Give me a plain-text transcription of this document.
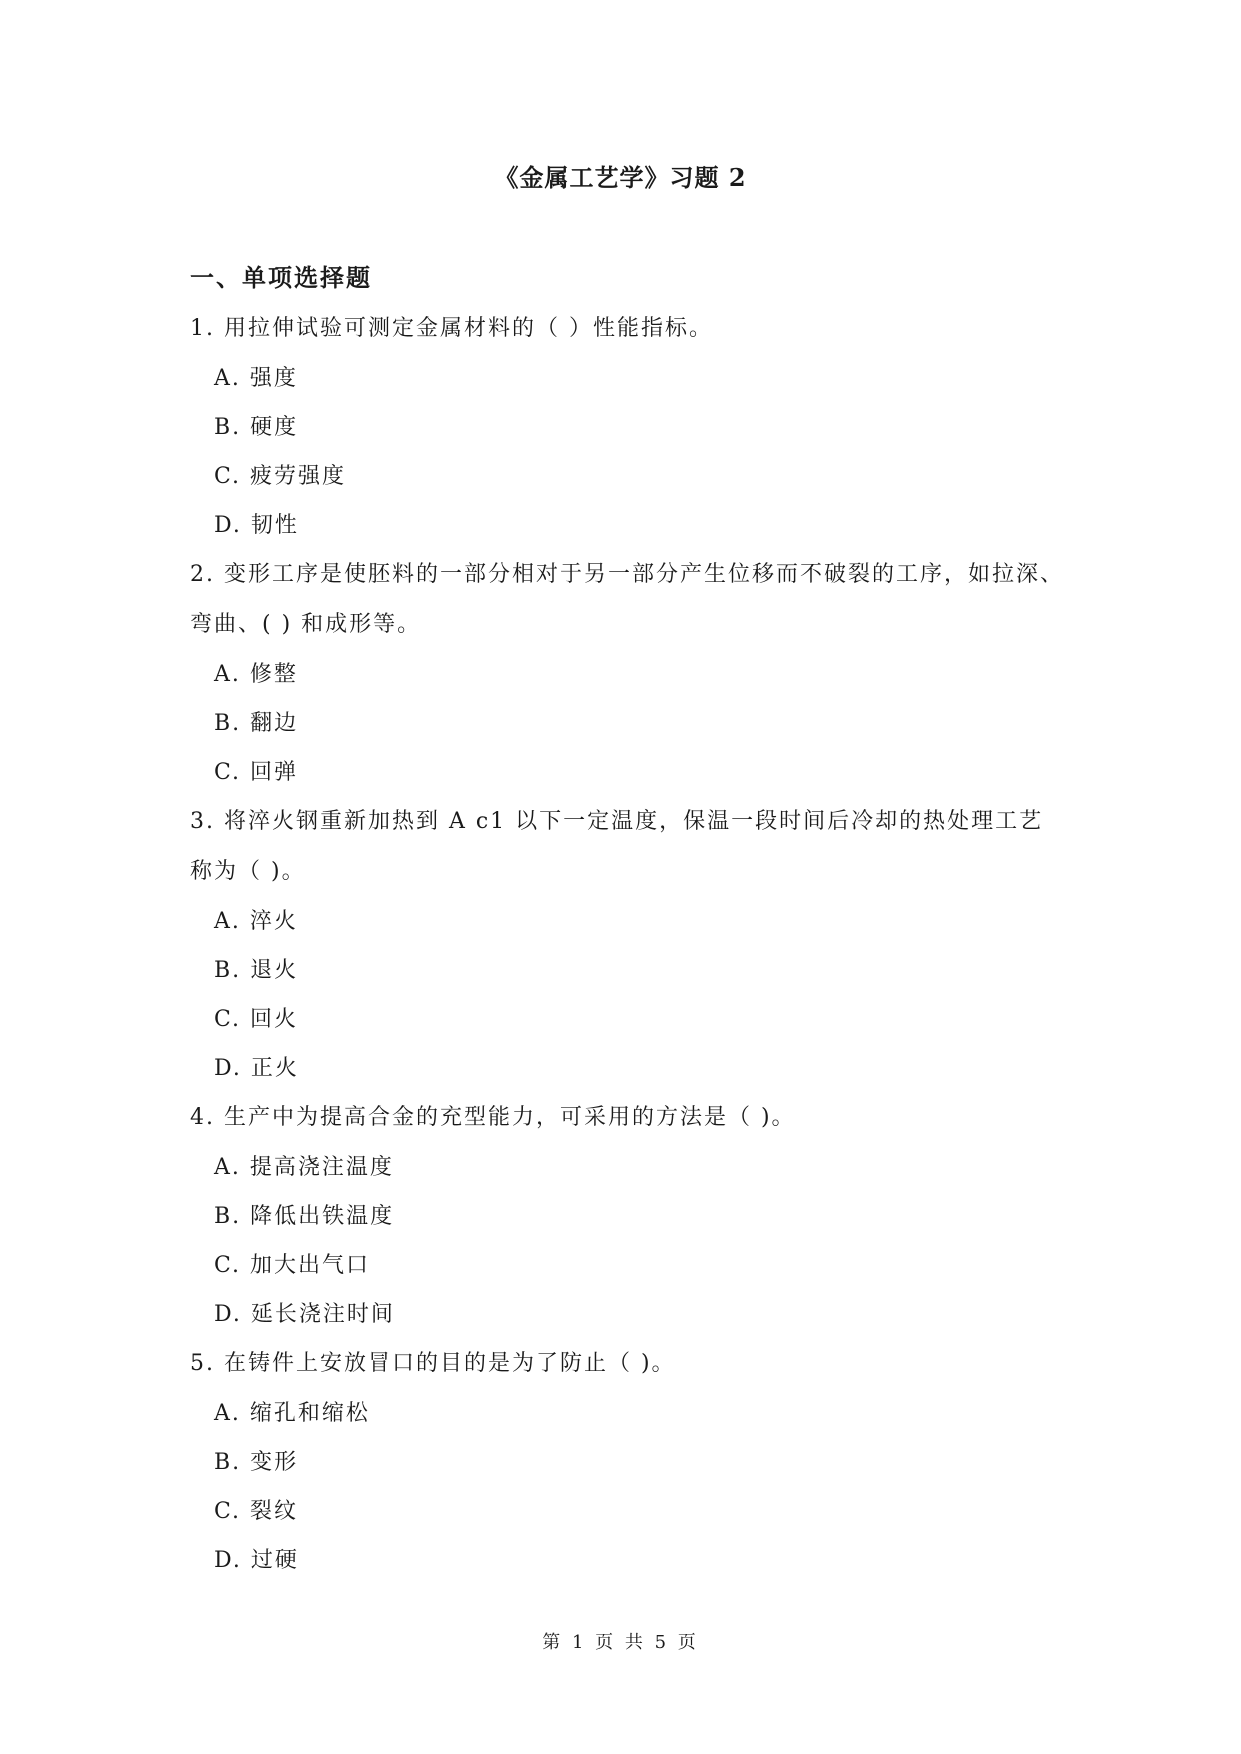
《金属工艺学》习题 2
一、单项选择题

1. 用拉伸试验可测定金属材料的（ ）性能指标。

A. 强度

B. 硬度

C. 疲劳强度

D. 韧性

2. 变形工序是使胚料的一部分相对于另一部分产生位移而不破裂的工序，如拉深、

弯曲、( ) 和成形等。

A. 修整

B. 翻边

C. 回弹

3. 将淬火钢重新加热到 A c1 以下一定温度，保温一段时间后冷却的热处理工艺

称为（ )。

A. 淬火

B. 退火

C. 回火

D. 正火

4. 生产中为提高合金的充型能力，可采用的方法是（ )。

A. 提高浇注温度

B. 降低出铁温度

C. 加大出气口

D. 延长浇注时间

5. 在铸件上安放冒口的目的是为了防止（ )。

A. 缩孔和缩松

B. 变形

C. 裂纹

D. 过硬

第 1 页 共 5 页
